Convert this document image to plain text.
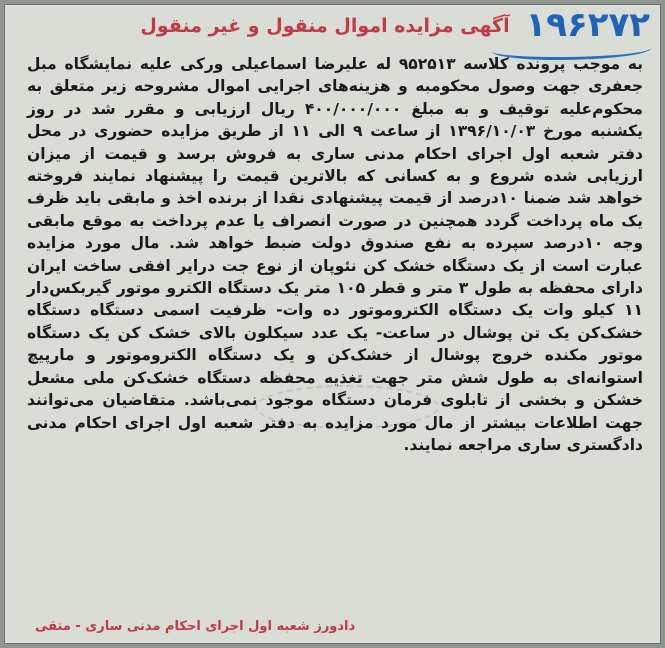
۱۹۶۲۷۲
آگهی مزایده اموال منقول و غیر منقول
به موجب پرونده کلاسه ۹۵۲۵۱۳ له علیرضا اسماعیلی ورکی علیه نمایشگاه مبل جعفری جهت وصول محکومبه و هزینه‌های اجرایی اموال مشروحه زیر متعلق به محکوم‌علیه توقیف و به مبلغ ۴۰۰/۰۰۰/۰۰۰ ریال ارزیابی و مقرر شد در روز یکشنبه مورخ ۱۳۹۶/۱۰/۰۳ از ساعت ۹ الی ۱۱ از طریق مزایده حضوری در محل دفتر شعبه اول اجرای احکام مدنی ساری به فروش برسد و قیمت از میزان ارزیابی شده شروع و به کسانی که بالاترین قیمت را پیشنهاد نمایند فروخته خواهد شد ضمنا ۱۰درصد از قیمت پیشنهادی نقدا از برنده اخذ و مابقی باید ظرف یک ماه پرداخت گردد همچنین در صورت انصراف یا عدم پرداخت به موقع مابقی وجه ۱۰درصد سپرده به نفع صندوق دولت ضبط خواهد شد. مال مورد مزایده عبارت است از یک دستگاه خشک کن نئوپان از نوع جت درایر افقی ساخت ایران دارای محفظه به طول ۳ متر و قطر ۱۰۵ متر یک دستگاه الکترو موتور گیربکس‌دار ۱۱ کیلو وات یک دستگاه الکتروموتور ده وات- ظرفیت اسمی دستگاه دستگاه خشک‌کن یک تن پوشال در ساعت- یک عدد سیکلون بالای خشک کن یک دستگاه موتور مکنده خروج پوشال از خشک‌کن و یک دستگاه الکتروموتور و مارپیچ استوانه‌ای به طول شش متر جهت تغذیه محفظه دستگاه خشک‌کن ملی مشعل خشکن و بخشی از تابلوی فرمان دستگاه موجود نمی‌باشد. متقاضیان می‌توانند جهت اطلاعات بیشتر از مال مورد مزایده به دفتر شعبه اول اجرای احکام مدنی دادگستری ساری مراجعه نمایند.
دادورز شعبه اول اجرای احکام مدنی ساری - متقی
